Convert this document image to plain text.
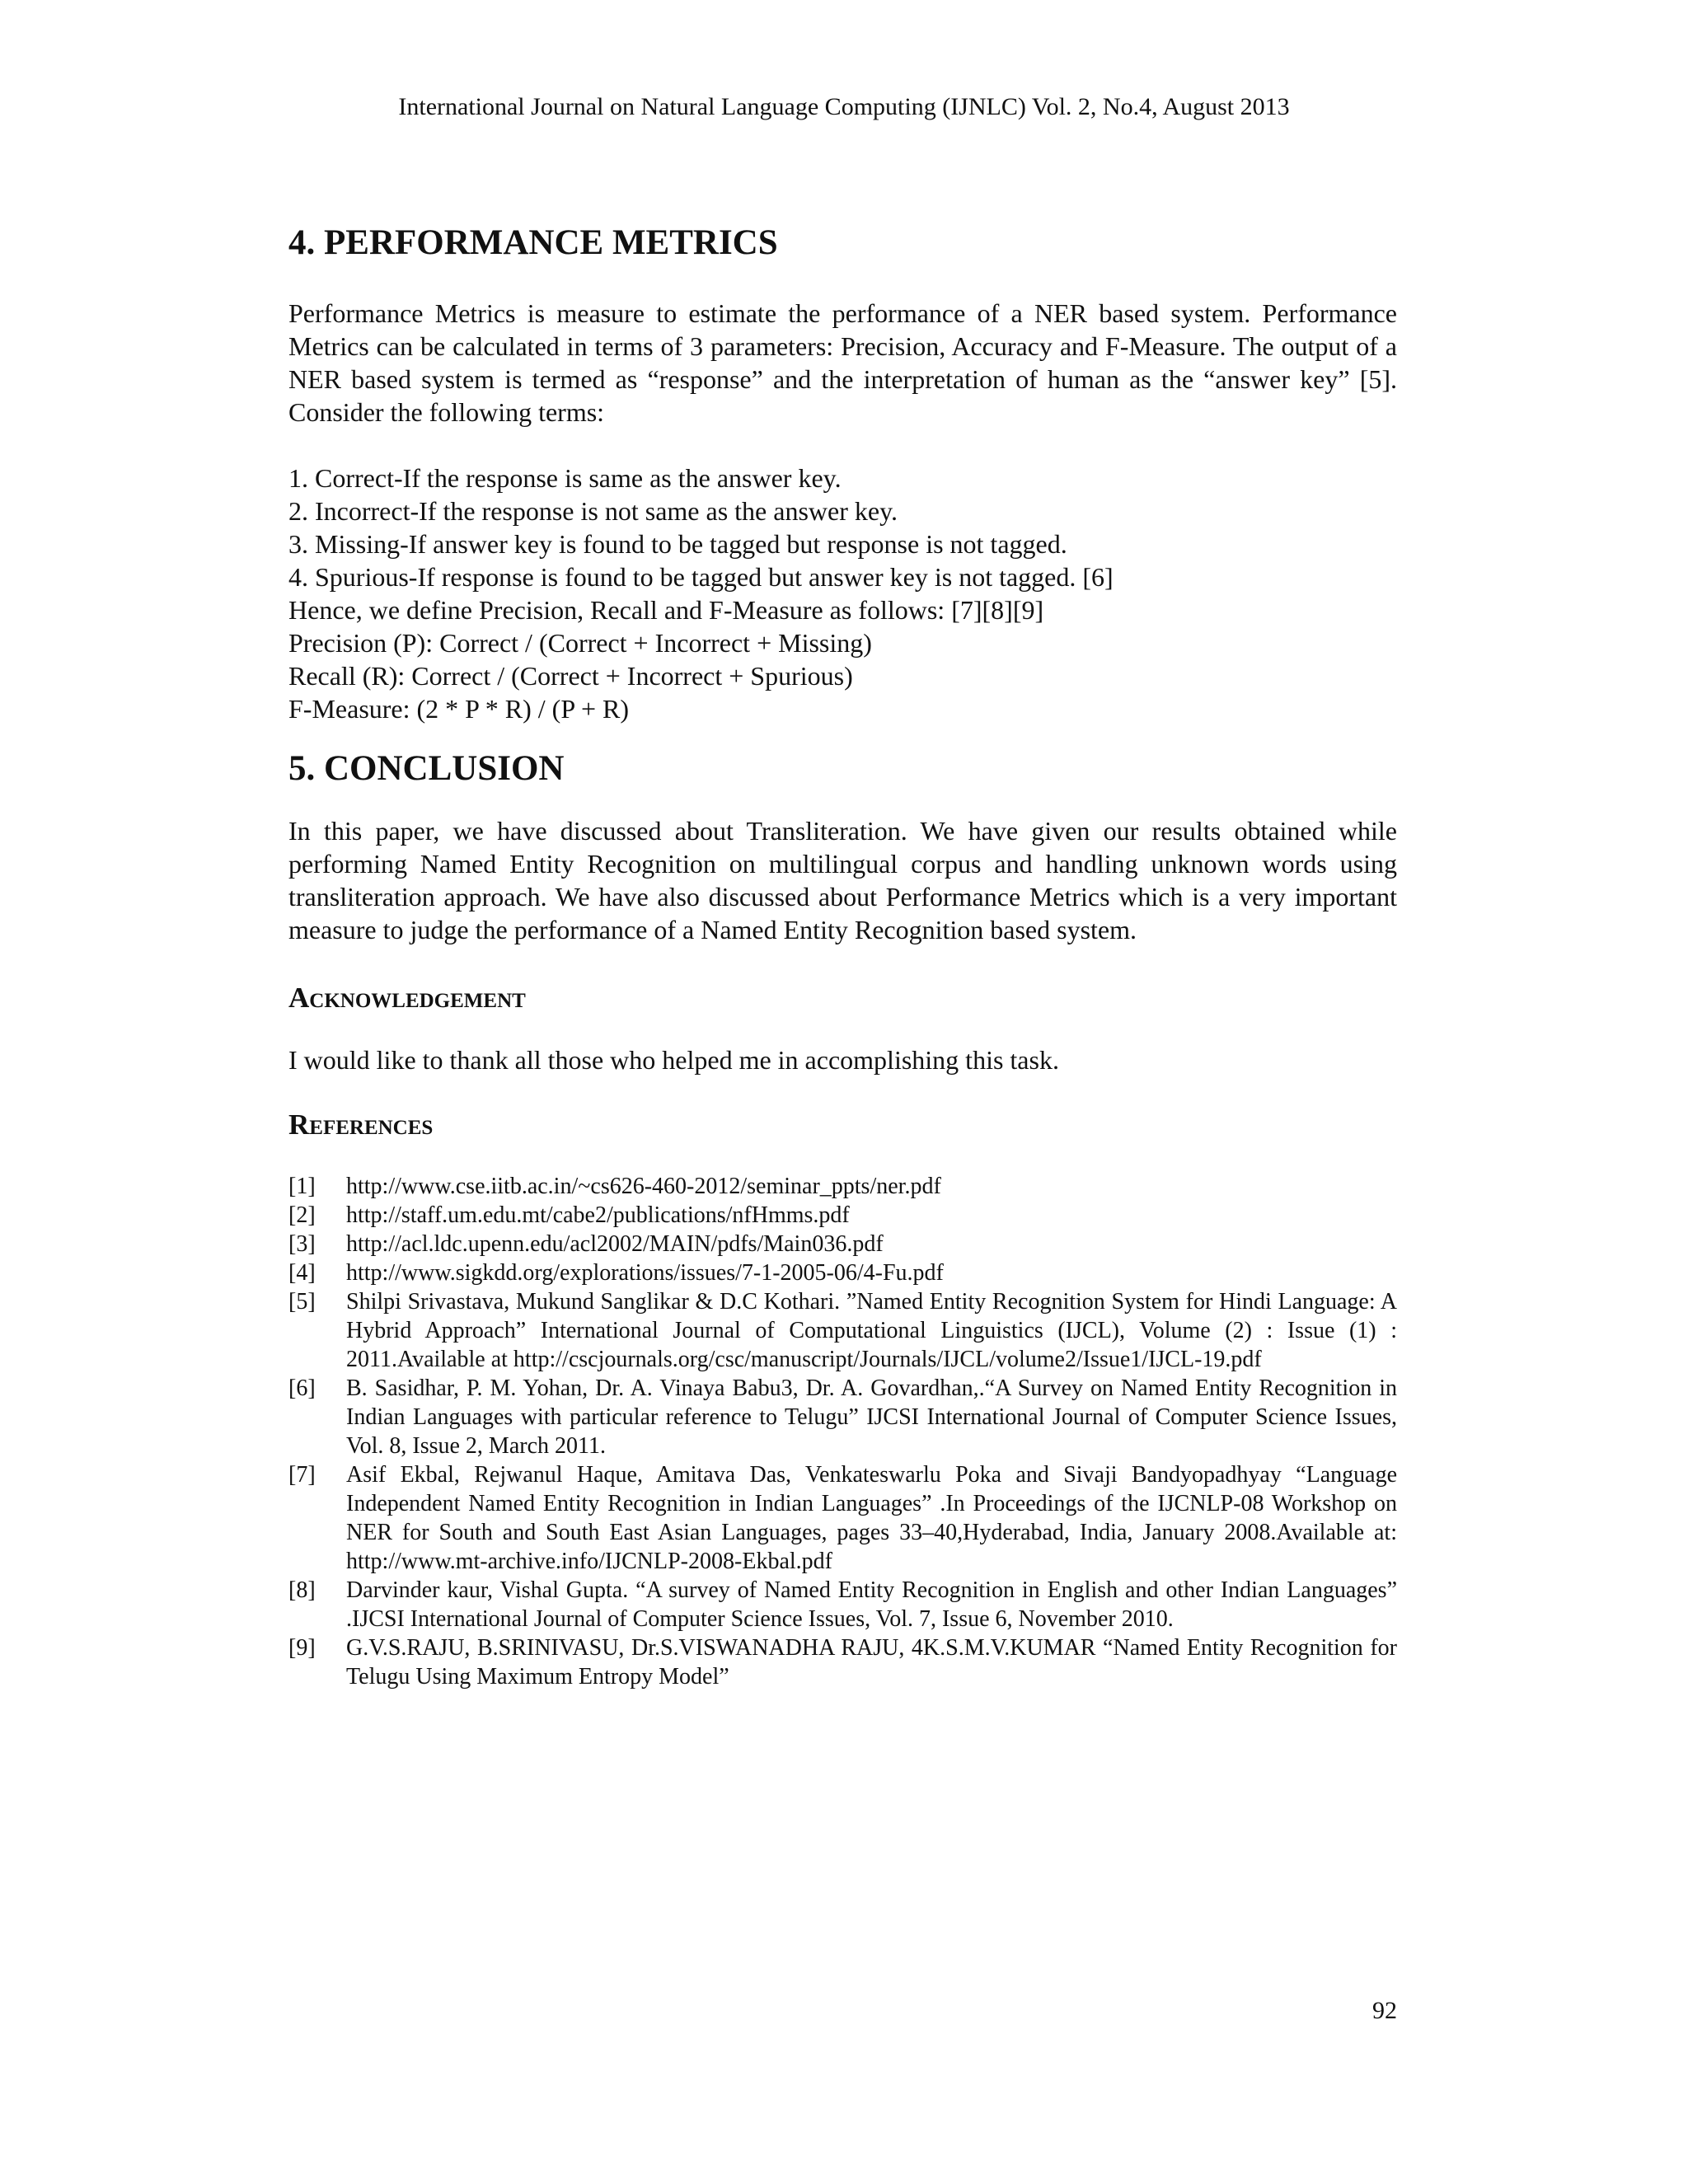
International Journal on Natural Language Computing (IJNLC) Vol. 2, No.4, August 2013
4. PERFORMANCE METRICS

Performance Metrics is measure to estimate the performance of a NER based system. Performance Metrics can be calculated in terms of 3 parameters: Precision, Accuracy and F-Measure. The output of a NER based system is termed as “response” and the interpretation of human as the “answer key” [5]. Consider the following terms:

1. Correct-If the response is same as the answer key.
2. Incorrect-If the response is not same as the answer key.
3. Missing-If answer key is found to be tagged but response is not tagged.
4. Spurious-If response is found to be tagged but answer key is not tagged. [6]
Hence, we define Precision, Recall and F-Measure as follows: [7][8][9]
Precision (P): Correct / (Correct + Incorrect + Missing)
Recall (R): Correct / (Correct + Incorrect + Spurious)
F-Measure: (2 * P * R) / (P + R)
5. CONCLUSION

In this paper, we have discussed about Transliteration. We have given our results obtained while performing Named Entity Recognition on multilingual corpus and handling unknown words using transliteration approach. We have also discussed about Performance Metrics which is a very important measure to judge the performance of a Named Entity Recognition based system.

Acknowledgement

I would like to thank all those who helped me in accomplishing this task.

References
[1]	http://www.cse.iitb.ac.in/~cs626-460-2012/seminar_ppts/ner.pdf
[2]	http://staff.um.edu.mt/cabe2/publications/nfHmms.pdf
[3]	http://acl.ldc.upenn.edu/acl2002/MAIN/pdfs/Main036.pdf
[4]	http://www.sigkdd.org/explorations/issues/7-1-2005-06/4-Fu.pdf
[5]	Shilpi Srivastava, Mukund Sanglikar & D.C Kothari. ”Named Entity Recognition System for Hindi Language: A Hybrid Approach” International Journal of Computational Linguistics (IJCL), Volume (2) : Issue (1) : 2011.Available at http://cscjournals.org/csc/manuscript/Journals/IJCL/volume2/Issue1/IJCL-19.pdf
[6]	B. Sasidhar, P. M. Yohan, Dr. A. Vinaya Babu3, Dr. A. Govardhan,.“A Survey on Named Entity Recognition in Indian Languages with particular reference to Telugu” IJCSI International Journal of Computer Science Issues, Vol. 8, Issue 2, March 2011.
[7]	Asif Ekbal, Rejwanul Haque, Amitava Das, Venkateswarlu Poka and Sivaji Bandyopadhyay “Language Independent Named Entity Recognition in Indian Languages” .In Proceedings of the IJCNLP-08 Workshop on NER for South and South East Asian Languages, pages 33–40,Hyderabad, India, January 2008.Available at: http://www.mt-archive.info/IJCNLP-2008-Ekbal.pdf
[8]	Darvinder kaur, Vishal Gupta. “A survey of Named Entity Recognition in English and other Indian Languages” .IJCSI International Journal of Computer Science Issues, Vol. 7, Issue 6, November 2010.
[9]	G.V.S.RAJU, B.SRINIVASU, Dr.S.VISWANADHA RAJU, 4K.S.M.V.KUMAR “Named Entity Recognition for Telugu Using Maximum Entropy Model”
92
